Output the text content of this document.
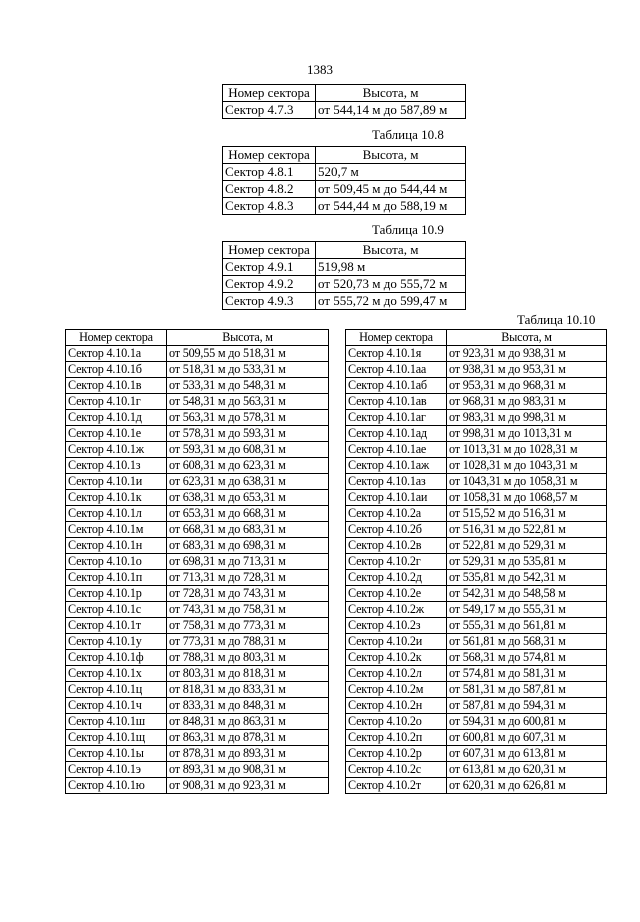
1383
Номер сектора	Высота, м
Сектор 4.7.3	от 544,14 м до 587,89 м
Таблица 10.8
Номер сектора	Высота, м
Сектор 4.8.1	520,7 м
Сектор 4.8.2	от 509,45 м до 544,44 м
Сектор 4.8.3	от 544,44 м до 588,19 м
Таблица 10.9
Номер сектора	Высота, м
Сектор 4.9.1	519,98 м
Сектор 4.9.2	от 520,73 м до 555,72 м
Сектор 4.9.3	от 555,72 м до 599,47 м
Таблица 10.10
Номер сектора	Высота, м
Сектор 4.10.1а	от 509,55 м до 518,31 м
Сектор 4.10.1б	от 518,31 м до 533,31 м
Сектор 4.10.1в	от 533,31 м до 548,31 м
Сектор 4.10.1г	от 548,31 м до 563,31 м
Сектор 4.10.1д	от 563,31 м до 578,31 м
Сектор 4.10.1е	от 578,31 м до 593,31 м
Сектор 4.10.1ж	от 593,31 м до 608,31 м
Сектор 4.10.1з	от 608,31 м до 623,31 м
Сектор 4.10.1и	от 623,31 м до 638,31 м
Сектор 4.10.1к	от 638,31 м до 653,31 м
Сектор 4.10.1л	от 653,31 м до 668,31 м
Сектор 4.10.1м	от 668,31 м до 683,31 м
Сектор 4.10.1н	от 683,31 м до 698,31 м
Сектор 4.10.1о	от 698,31 м до 713,31 м
Сектор 4.10.1п	от 713,31 м до 728,31 м
Сектор 4.10.1р	от 728,31 м до 743,31 м
Сектор 4.10.1с	от 743,31 м до 758,31 м
Сектор 4.10.1т	от 758,31 м до 773,31 м
Сектор 4.10.1у	от 773,31 м до 788,31 м
Сектор 4.10.1ф	от 788,31 м до 803,31 м
Сектор 4.10.1х	от 803,31 м до 818,31 м
Сектор 4.10.1ц	от 818,31 м до 833,31 м
Сектор 4.10.1ч	от 833,31 м до 848,31 м
Сектор 4.10.1ш	от 848,31 м до 863,31 м
Сектор 4.10.1щ	от 863,31 м до 878,31 м
Сектор 4.10.1ы	от 878,31 м до 893,31 м
Сектор 4.10.1э	от 893,31 м до 908,31 м
Сектор 4.10.1ю	от 908,31 м до 923,31 м
Номер сектора	Высота, м
Сектор 4.10.1я	от 923,31 м до 938,31 м
Сектор 4.10.1аа	от 938,31 м до 953,31 м
Сектор 4.10.1аб	от 953,31 м до 968,31 м
Сектор 4.10.1ав	от 968,31 м до 983,31 м
Сектор 4.10.1аг	от 983,31 м до 998,31 м
Сектор 4.10.1ад	от 998,31 м до 1013,31 м
Сектор 4.10.1ае	от 1013,31 м до 1028,31 м
Сектор 4.10.1аж	от 1028,31 м до 1043,31 м
Сектор 4.10.1аз	от 1043,31 м до 1058,31 м
Сектор 4.10.1аи	от 1058,31 м до 1068,57 м
Сектор 4.10.2а	от 515,52 м до 516,31 м
Сектор 4.10.2б	от 516,31 м до 522,81 м
Сектор 4.10.2в	от 522,81 м до 529,31 м
Сектор 4.10.2г	от 529,31 м до 535,81 м
Сектор 4.10.2д	от 535,81 м до 542,31 м
Сектор 4.10.2е	от 542,31 м до 548,58 м
Сектор 4.10.2ж	от 549,17 м до 555,31 м
Сектор 4.10.2з	от 555,31 м до 561,81 м
Сектор 4.10.2и	от 561,81 м до 568,31 м
Сектор 4.10.2к	от 568,31 м до 574,81 м
Сектор 4.10.2л	от 574,81 м до 581,31 м
Сектор 4.10.2м	от 581,31 м до 587,81 м
Сектор 4.10.2н	от 587,81 м до 594,31 м
Сектор 4.10.2о	от 594,31 м до 600,81 м
Сектор 4.10.2п	от 600,81 м до 607,31 м
Сектор 4.10.2р	от 607,31 м до 613,81 м
Сектор 4.10.2с	от 613,81 м до 620,31 м
Сектор 4.10.2т	от 620,31 м до 626,81 м
